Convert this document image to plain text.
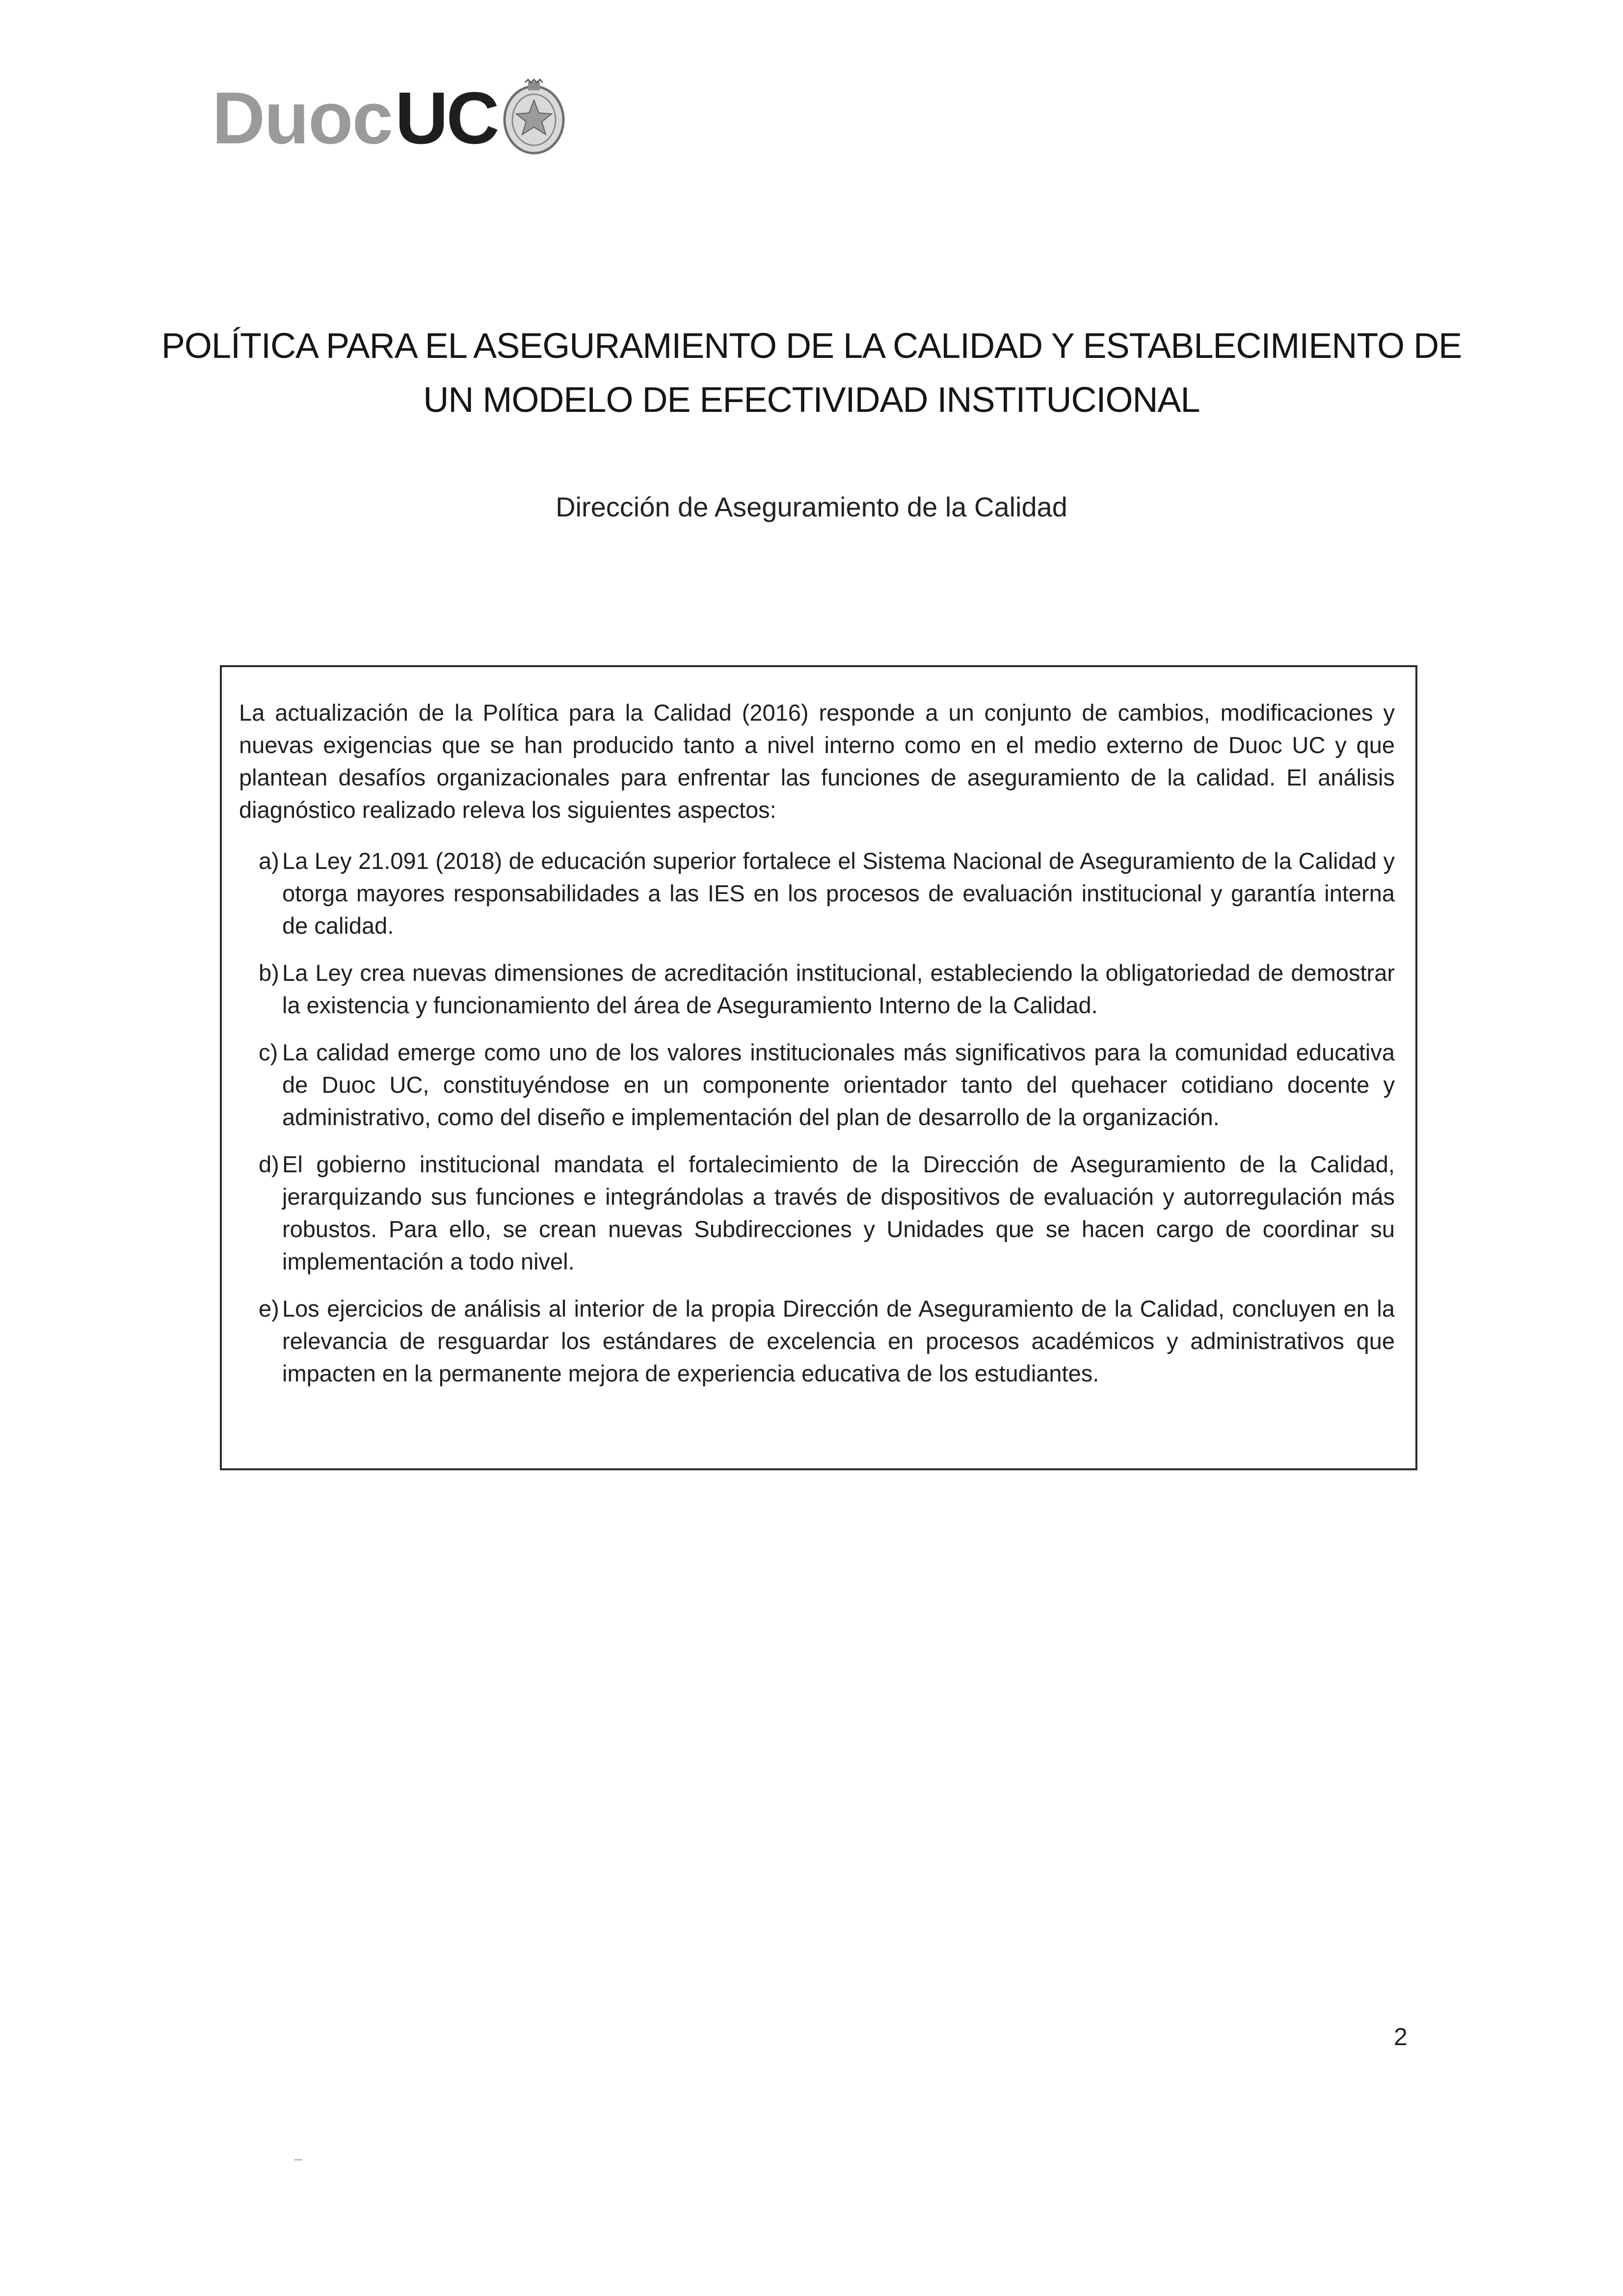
Duoc UC
POLÍTICA PARA EL ASEGURAMIENTO DE LA CALIDAD Y ESTABLECIMIENTO DE
UN MODELO DE EFECTIVIDAD INSTITUCIONAL
Dirección de Aseguramiento de la Calidad

La actualización de la Política para la Calidad (2016) responde a un conjunto de cambios, modificaciones y nuevas exigencias que se han producido tanto a nivel interno como en el medio externo de Duoc UC y que plantean desafíos organizacionales para enfrentar las funciones de aseguramiento de la calidad. El análisis diagnóstico realizado releva los siguientes aspectos:

a) La Ley 21.091 (2018) de educación superior fortalece el Sistema Nacional de Aseguramiento de la Calidad y otorga mayores responsabilidades a las IES en los procesos de evaluación institucional y garantía interna de calidad.
b) La Ley crea nuevas dimensiones de acreditación institucional, estableciendo la obligatoriedad de demostrar la existencia y funcionamiento del área de Aseguramiento Interno de la Calidad.
c) La calidad emerge como uno de los valores institucionales más significativos para la comunidad educativa de Duoc UC, constituyéndose en un componente orientador tanto del quehacer cotidiano docente y administrativo, como del diseño e implementación del plan de desarrollo de la organización.
d) El gobierno institucional mandata el fortalecimiento de la Dirección de Aseguramiento de la Calidad, jerarquizando sus funciones e integrándolas a través de dispositivos de evaluación y autorregulación más robustos. Para ello, se crean nuevas Subdirecciones y Unidades que se hacen cargo de coordinar su implementación a todo nivel.
e) Los ejercicios de análisis al interior de la propia Dirección de Aseguramiento de la Calidad, concluyen en la relevancia de resguardar los estándares de excelencia en procesos académicos y administrativos que impacten en la permanente mejora de experiencia educativa de los estudiantes.
2
